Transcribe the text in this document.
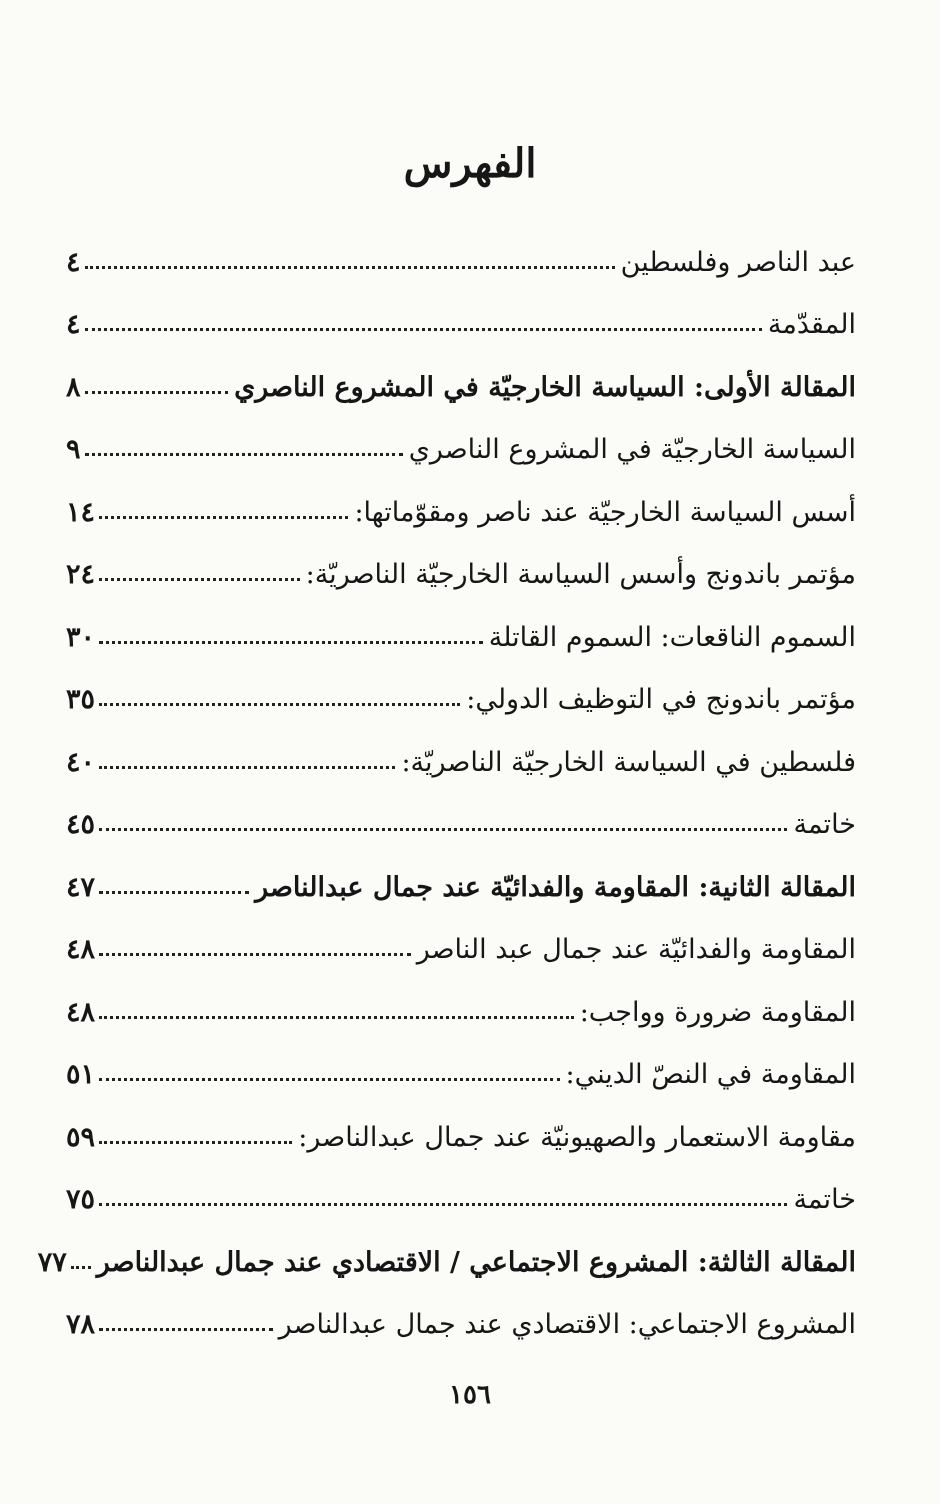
الفهرس
عبد الناصر وفلسطين
٤
المقدّمة
٤
المقالة الأولى: السياسة الخارجيّة في المشروع الناصري
٨
السياسة الخارجيّة في المشروع الناصري
٩
أسس السياسة الخارجيّة عند ناصر ومقوّماتها:
١٤
مؤتمر باندونج وأسس السياسة الخارجيّة الناصريّة:
٢٤
السموم الناقعات: السموم القاتلة
٣٠
مؤتمر باندونج في التوظيف الدولي:
٣٥
فلسطين في السياسة الخارجيّة الناصريّة:
٤٠
خاتمة
٤٥
المقالة الثانية: المقاومة والفدائيّة عند جمال عبدالناصر
٤٧
المقاومة والفدائيّة عند جمال عبد الناصر
٤٨
المقاومة ضرورة وواجب:
٤٨
المقاومة في النصّ الديني:
٥١
مقاومة الاستعمار والصهيونيّة عند جمال عبدالناصر:
٥٩
خاتمة
٧٥
المقالة الثالثة: المشروع الاجتماعي / الاقتصادي عند جمال عبدالناصر
٧٧
المشروع الاجتماعي: الاقتصادي عند جمال عبدالناصر
٧٨
١٥٦
